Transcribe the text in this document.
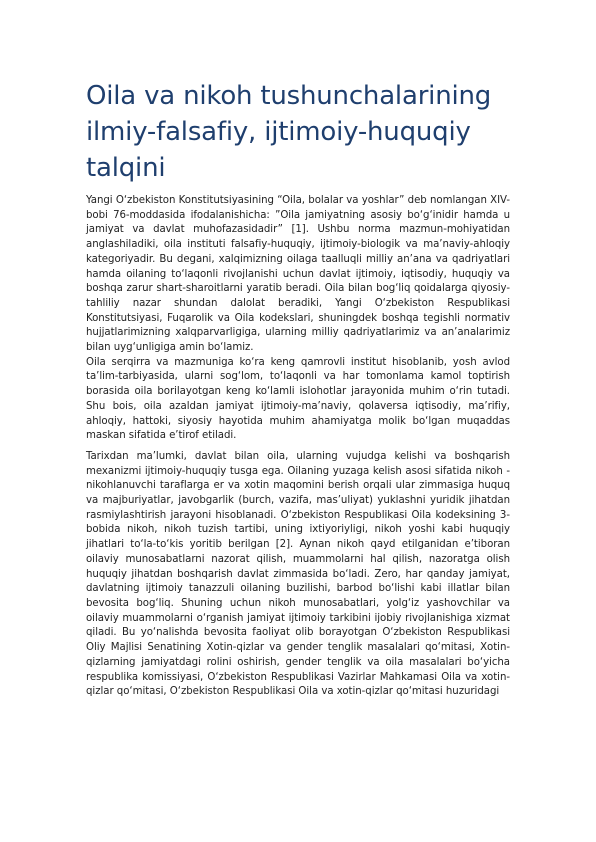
Oila va nikoh tushunchalarining ilmiy-falsafiy, ijtimoiy-huquqiy talqini

Yangi O‘zbekiston Konstitutsiyasining “Oila, bolalar va yoshlar” deb nomlangan XIV-bobi 76-moddasida ifodalanishicha: ”Oila jamiyatning asosiy bo‘g‘inidir hamda u jamiyat va davlat muhofazasidadir” [1]. Ushbu norma mazmun-mohiyatidan anglashiladiki, oila instituti falsafiy-huquqiy, ijtimoiy-biologik va ma’naviy-ahloqiy kategoriyadir. Bu degani, xalqimizning oilaga taalluqli milliy an’ana va qadriyatlari hamda oilaning to‘laqonli rivojlanishi uchun davlat ijtimoiy, iqtisodiy, huquqiy va boshqa zarur shart-sharoitlarni yaratib beradi. Oila bilan bog‘liq qoidalarga qiyosiy-tahliliy nazar shundan dalolat beradiki, Yangi O‘zbekiston Respublikasi Konstitutsiyasi, Fuqarolik va Oila kodekslari, shuningdek boshqa tegishli normativ hujjatlarimizning xalqparvarligiga, ularning milliy qadriyatlarimiz va an’analarimiz bilan uyg‘unligiga amin bo‘lamiz.

Oila serqirra va mazmuniga ko‘ra keng qamrovli institut hisoblanib, yosh avlod ta’lim-tarbiyasida, ularni sog‘lom, to‘laqonli va har tomonlama kamol toptirish borasida oila borilayotgan keng ko‘lamli islohotlar jarayonida muhim o‘rin tutadi. Shu bois, oila azaldan jamiyat ijtimoiy-ma’naviy, qolaversa iqtisodiy, ma’rifiy, ahloqiy, hattoki, siyosiy hayotida muhim ahamiyatga molik bo‘lgan muqaddas maskan sifatida e’tirof etiladi.

Tarixdan ma’lumki, davlat bilan oila, ularning vujudga kelishi va boshqarish mexanizmi ijtimoiy-huquqiy tusga ega. Oilaning yuzaga kelish asosi sifatida nikoh - nikohlanuvchi taraflarga er va xotin maqomini berish orqali ular zimmasiga huquq va majburiyatlar, javobgarlik (burch, vazifa, mas’uliyat) yuklashni yuridik jihatdan rasmiylashtirish jarayoni hisoblanadi. O‘zbekiston Respublikasi Oila kodeksining 3-bobida nikoh, nikoh tuzish tartibi, uning ixtiyoriyligi, nikoh yoshi kabi huquqiy jihatlari to‘la-to‘kis yoritib berilgan [2]. Aynan nikoh qayd etilganidan e’tiboran oilaviy munosabatlarni nazorat qilish, muammolarni hal qilish, nazoratga olish huquqiy jihatdan boshqarish davlat zimmasida bo‘ladi. Zero, har qanday jamiyat, davlatning ijtimoiy tanazzuli oilaning buzilishi, barbod bo‘lishi kabi illatlar bilan bevosita bog‘liq. Shuning uchun nikoh munosabatlari, yolg‘iz yashovchilar va oilaviy muammolarni o‘rganish jamiyat ijtimoiy tarkibini ijobiy rivojlanishiga xizmat qiladi. Bu yo‘nalishda bevosita faoliyat olib borayotgan O‘zbekiston Respublikasi Oliy Majlisi Senatining Xotin-qizlar va gender tenglik masalalari qo‘mitasi, Xotin-qizlarning jamiyatdagi rolini oshirish, gender tenglik va oila masalalari bo‘yicha respublika komissiyasi, O‘zbekiston Respublikasi Vazirlar Mahkamasi Oila va xotin-qizlar qo‘mitasi, O‘zbekiston Respublikasi Oila va xotin-qizlar qo‘mitasi huzuridagi
